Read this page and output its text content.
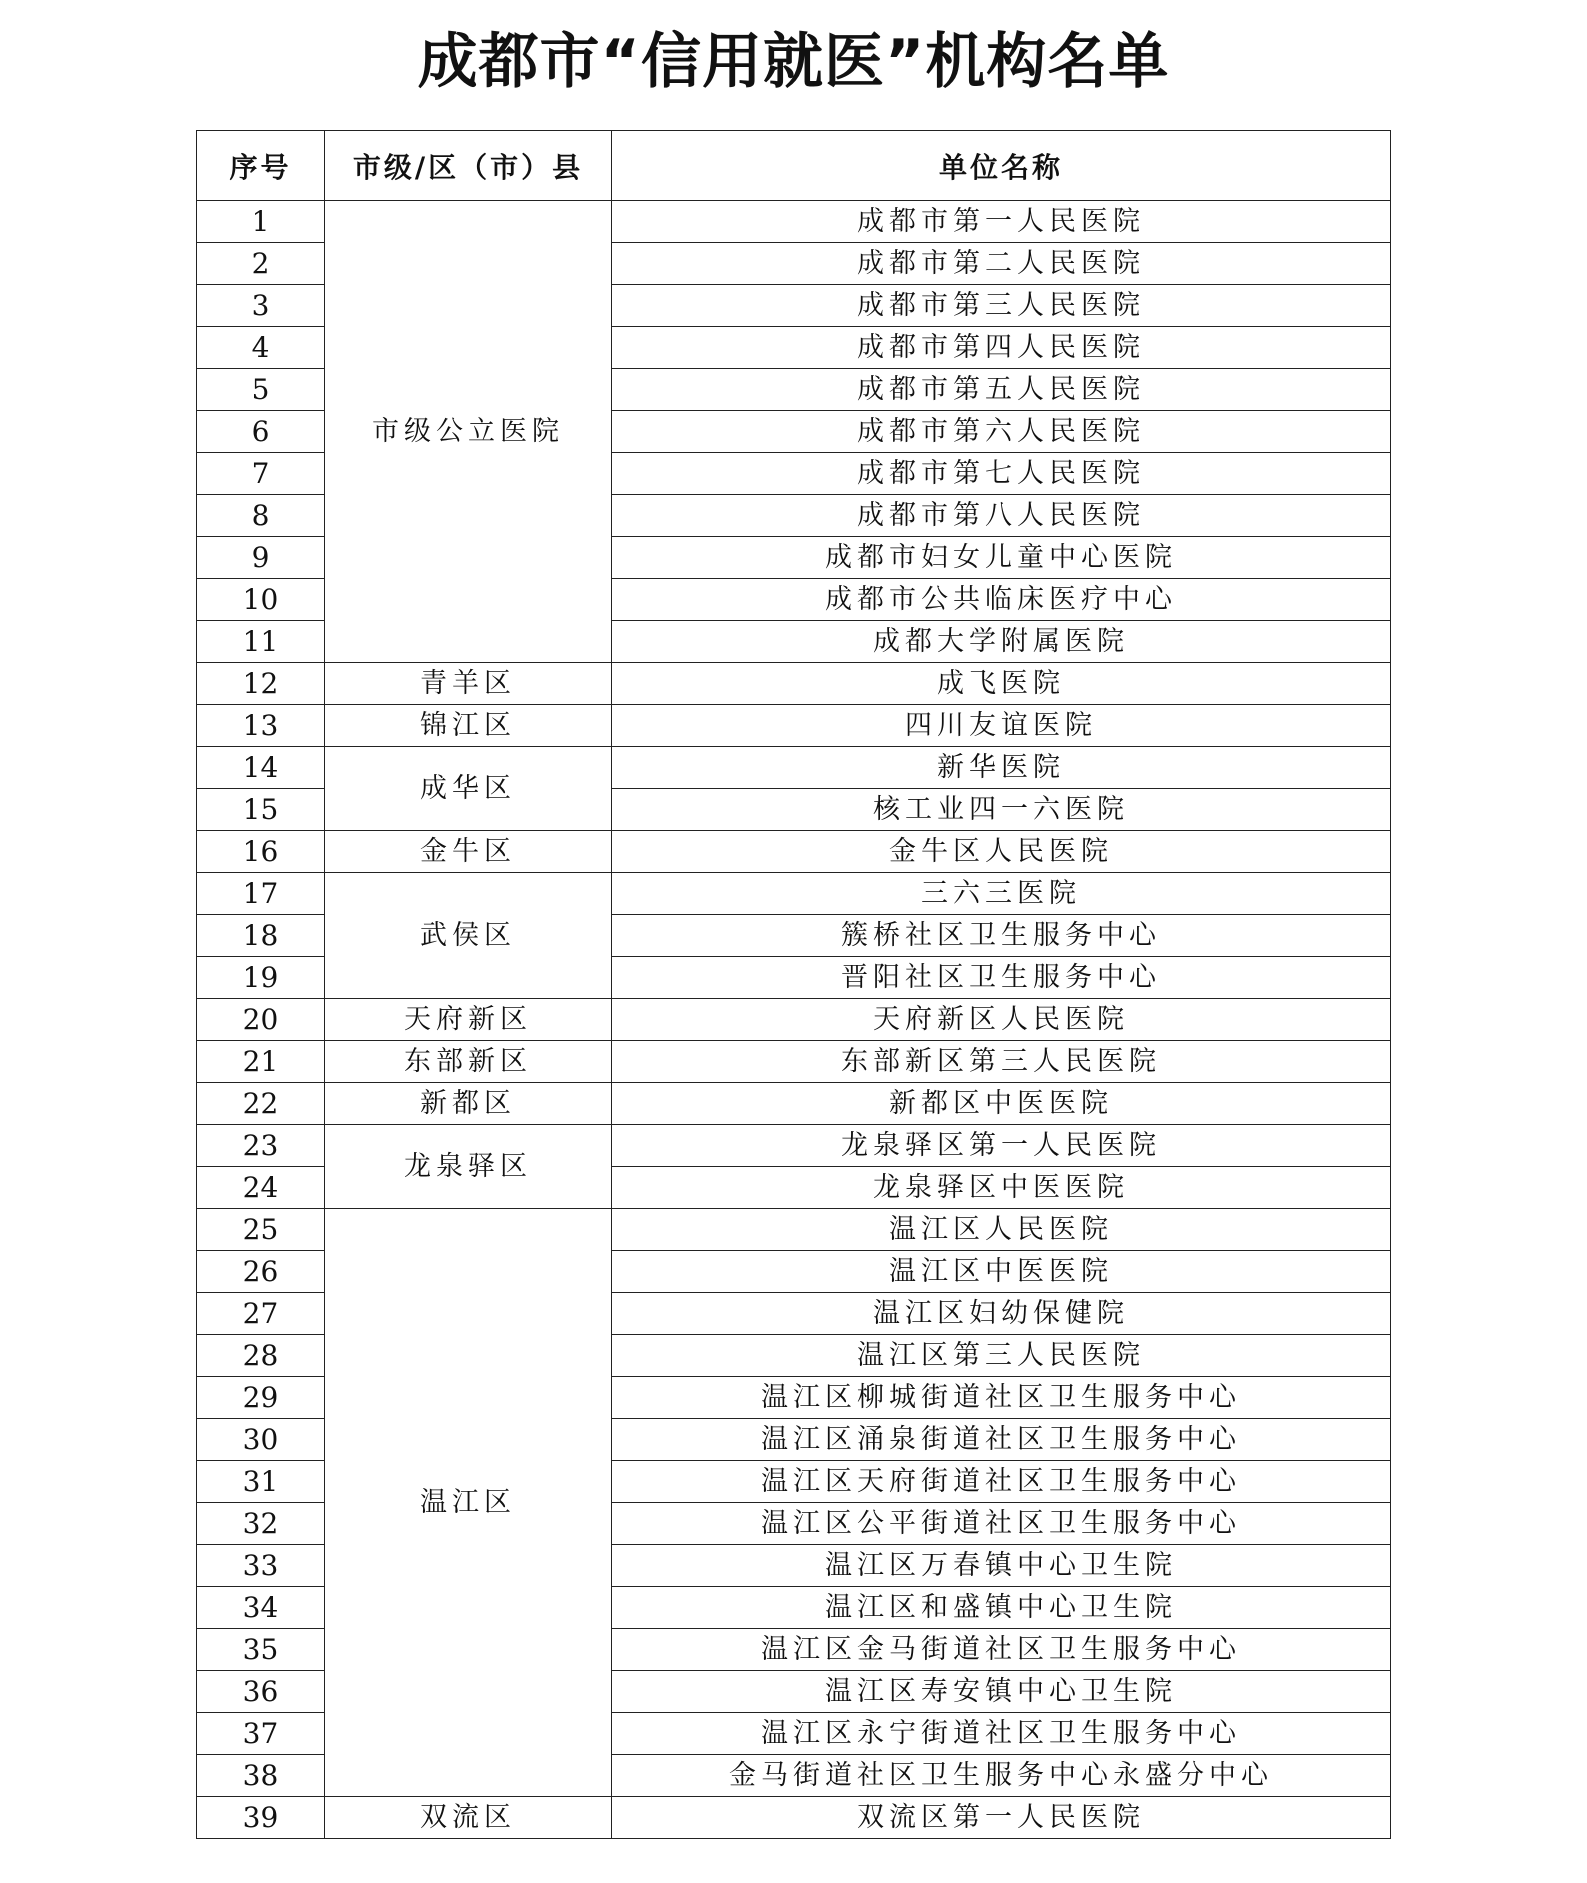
成都市“信用就医”机构名单
序号	市级/区（市）县	单位名称
1	市级公立医院	成都市第一人民医院
2		成都市第二人民医院
3		成都市第三人民医院
4		成都市第四人民医院
5		成都市第五人民医院
6		成都市第六人民医院
7		成都市第七人民医院
8		成都市第八人民医院
9		成都市妇女儿童中心医院
10		成都市公共临床医疗中心
11		成都大学附属医院
12	青羊区	成飞医院
13	锦江区	四川友谊医院
14	成华区	新华医院
15		核工业四一六医院
16	金牛区	金牛区人民医院
17	武侯区	三六三医院
18		簇桥社区卫生服务中心
19		晋阳社区卫生服务中心
20	天府新区	天府新区人民医院
21	东部新区	东部新区第三人民医院
22	新都区	新都区中医医院
23	龙泉驿区	龙泉驿区第一人民医院
24		龙泉驿区中医医院
25	温江区	温江区人民医院
26		温江区中医医院
27		温江区妇幼保健院
28		温江区第三人民医院
29		温江区柳城街道社区卫生服务中心
30		温江区涌泉街道社区卫生服务中心
31		温江区天府街道社区卫生服务中心
32		温江区公平街道社区卫生服务中心
33		温江区万春镇中心卫生院
34		温江区和盛镇中心卫生院
35		温江区金马街道社区卫生服务中心
36		温江区寿安镇中心卫生院
37		温江区永宁街道社区卫生服务中心
38		金马街道社区卫生服务中心永盛分中心
39	双流区	双流区第一人民医院
